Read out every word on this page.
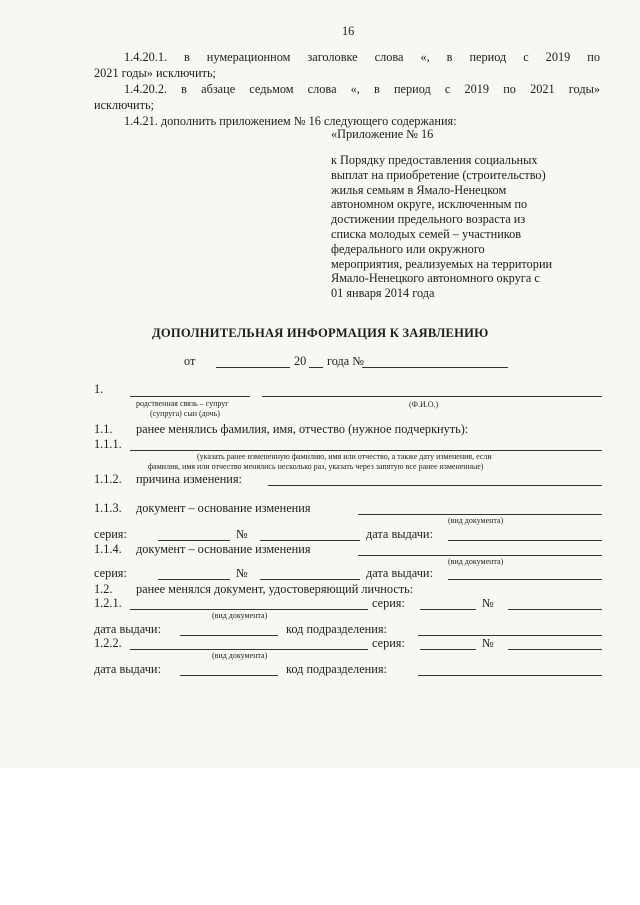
16
1.4.20.1. в нумерационном заголовке слова «, в период с 2019 по
2021 годы» исключить;
1.4.20.2. в абзаце седьмом слова «, в период с 2019 по 2021 годы»
исключить;
1.4.21. дополнить приложением № 16 следующего содержания:
«Приложение № 16
к Порядку предоставления социальных
выплат на приобретение (строительство)
жилья семьям в Ямало-Ненецком
автономном округе, исключенным по
достижении предельного возраста из
списка молодых семей – участников
федерального или окружного
мероприятия, реализуемых на территории
Ямало-Ненецкого автономного округа с
01 января 2014 года
ДОПОЛНИТЕЛЬНАЯ ИНФОРМАЦИЯ К ЗАЯВЛЕНИЮ
от	20 года №
1.
родственная связь – супруг
(супруга) сын (дочь)
(Ф.И.О.)
1.1. ранее менялись фамилия, имя, отчество (нужное подчеркнуть):
1.1.1.
(указать ранее измененную фамилию, имя или отчество, а также дату изменения, если
фамилия, имя или отчество менялись несколько раз, указать через запятую все ранее измененные)
1.1.2. причина изменения:
1.1.3. документ – основание изменения
(вид документа)
серия:	№	дата выдачи:
1.1.4. документ – основание изменения
(вид документа)
серия:	№	дата выдачи:
1.2. ранее менялся документ, удостоверяющий личность:
1.2.1.	серия:	№
(вид документа)
дата выдачи:	код подразделения:
1.2.2.	серия:	№
(вид документа)
дата выдачи:	код подразделения:
